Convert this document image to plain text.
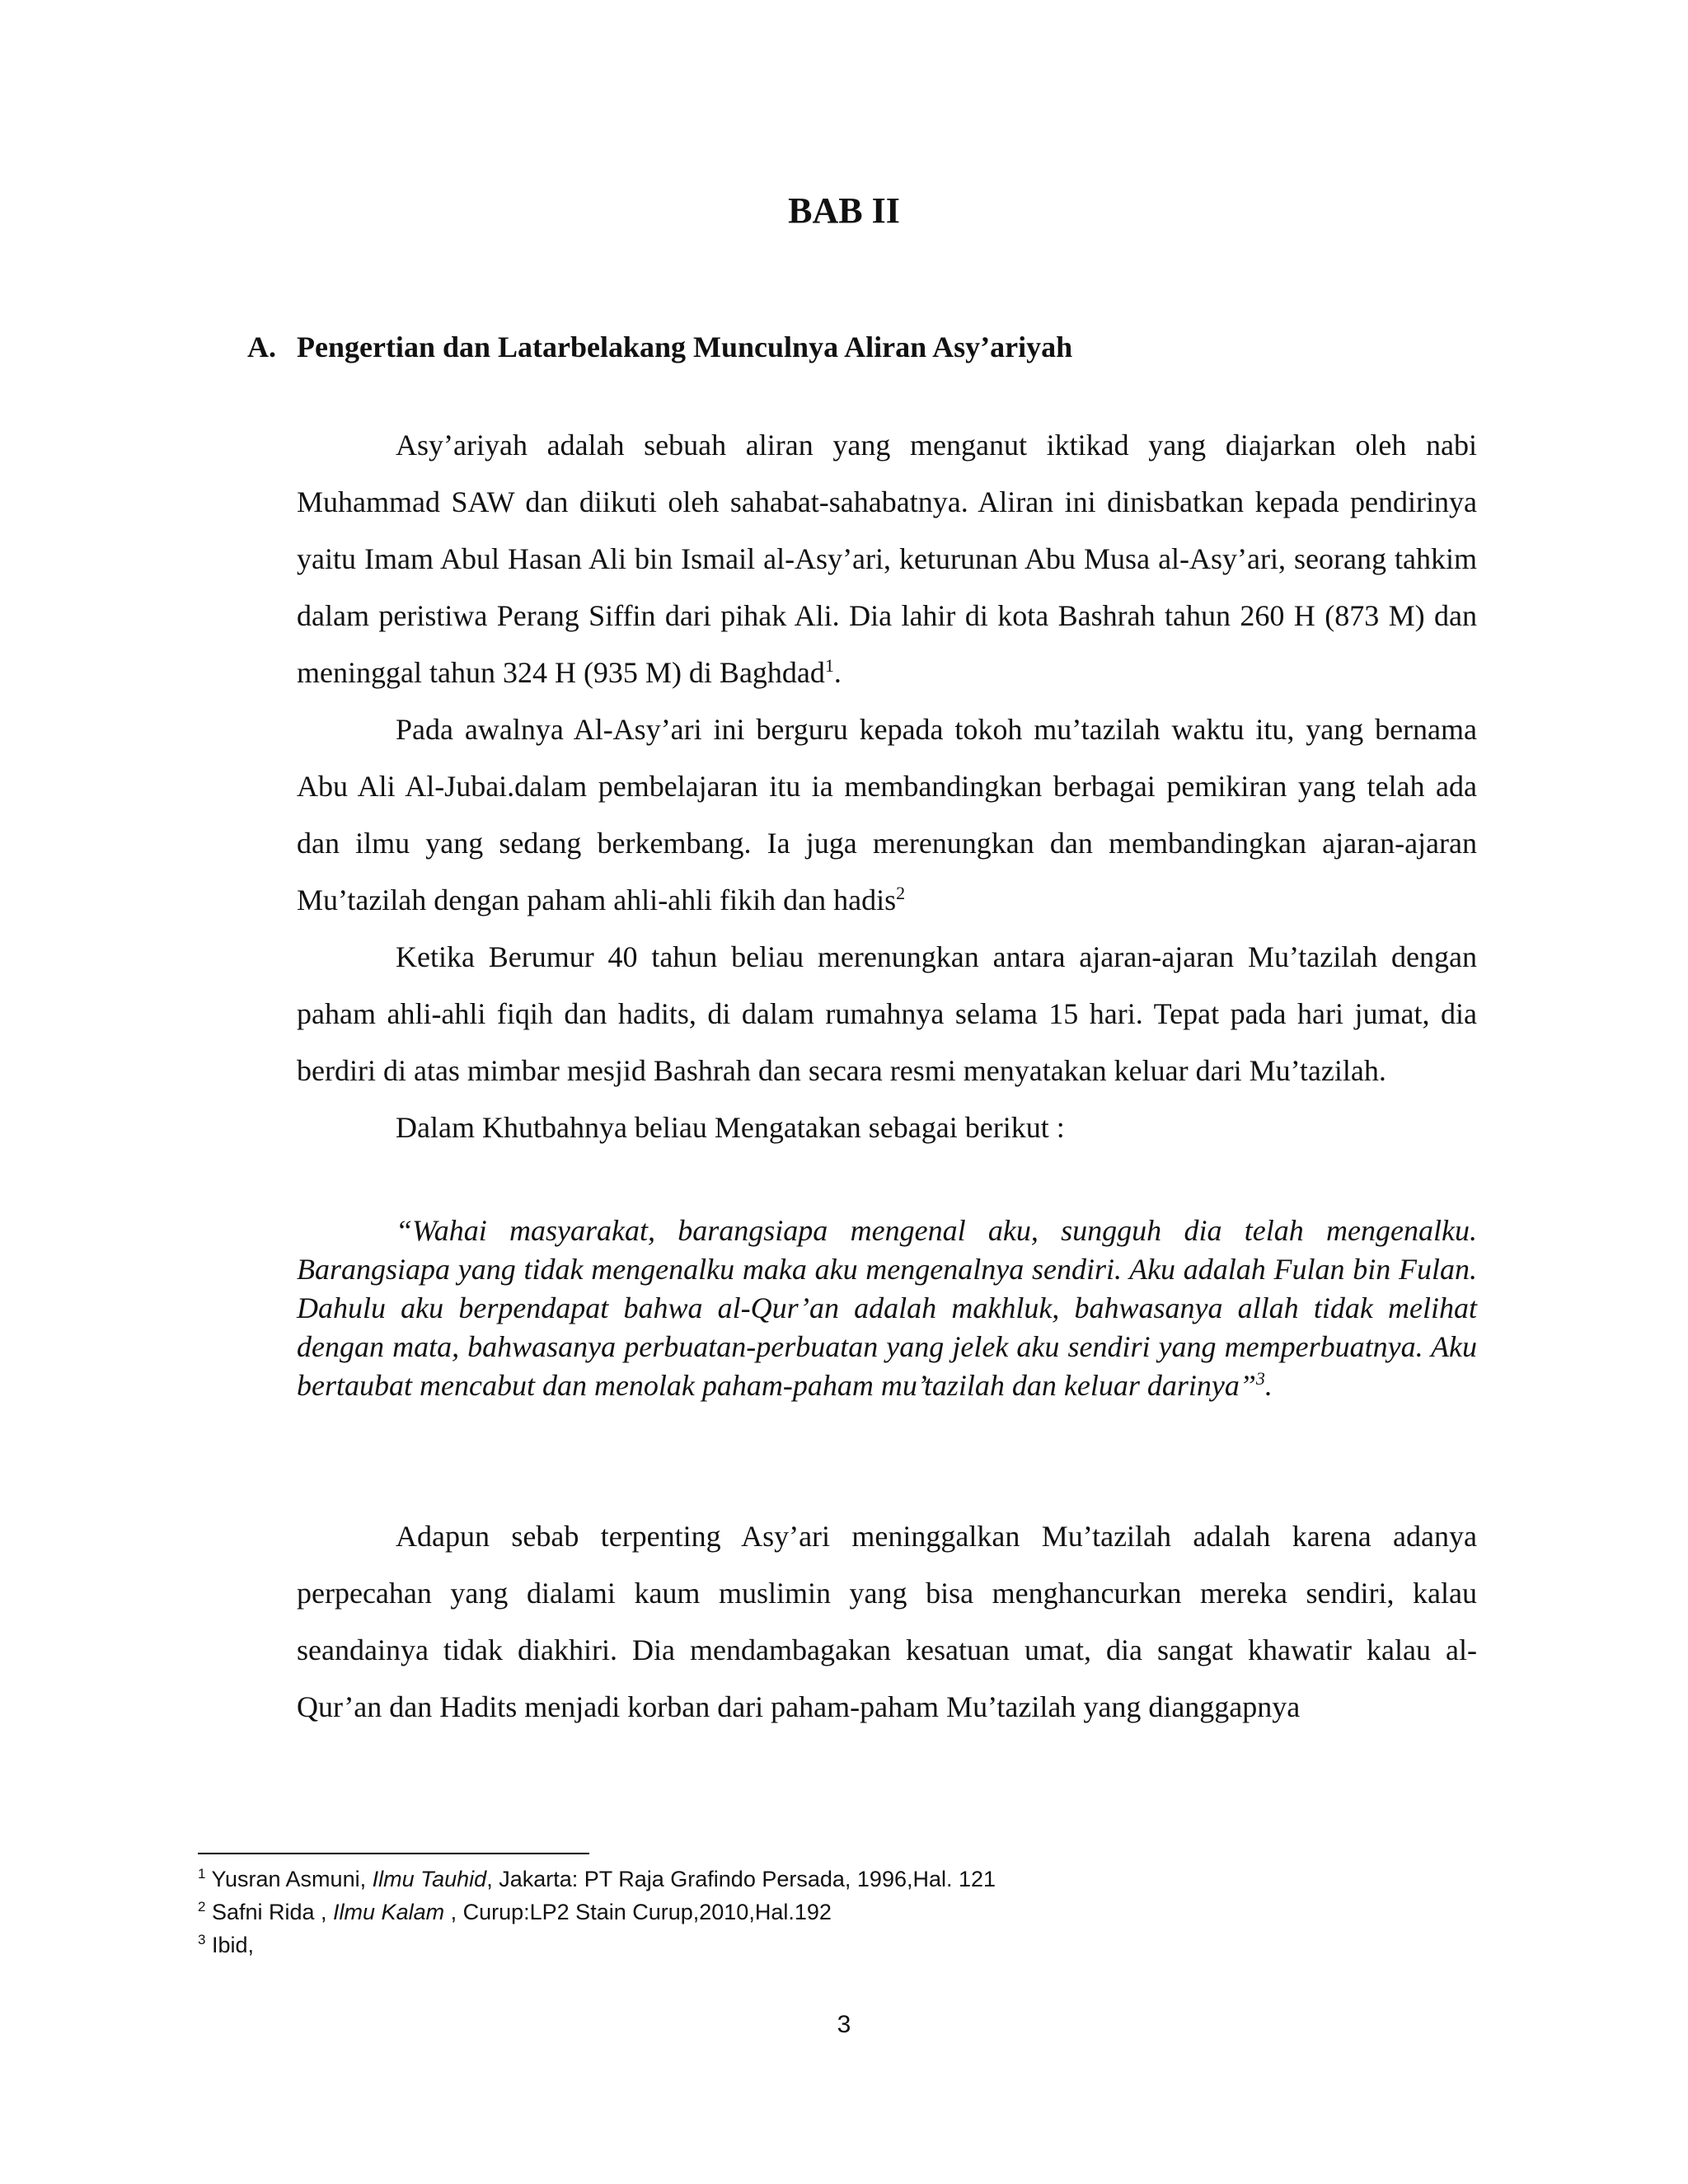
BAB II
A. Pengertian dan Latarbelakang Munculnya Aliran Asy’ariyah

Asy’ariyah adalah sebuah aliran yang menganut iktikad yang diajarkan oleh nabi Muhammad SAW dan diikuti oleh sahabat-sahabatnya. Aliran ini dinisbatkan kepada pendirinya yaitu Imam Abul Hasan Ali bin Ismail al-Asy’ari, keturunan Abu Musa al-Asy’ari, seorang tahkim dalam peristiwa Perang Siffin dari pihak Ali. Dia lahir di kota Bashrah tahun 260 H (873 M) dan meninggal tahun 324 H (935 M) di Baghdad$^1$.

Pada awalnya Al-Asy’ari ini berguru kepada tokoh mu’tazilah waktu itu, yang bernama Abu Ali Al-Jubai.dalam pembelajaran itu ia membandingkan berbagai pemikiran yang telah ada dan ilmu yang sedang berkembang. Ia juga merenungkan dan membandingkan ajaran-ajaran Mu’tazilah dengan paham ahli-ahli fikih dan hadis$^2$

Ketika Berumur 40 tahun beliau merenungkan antara ajaran-ajaran Mu’tazilah dengan paham ahli-ahli fiqih dan hadits, di dalam rumahnya selama 15 hari. Tepat pada hari jumat, dia berdiri di atas mimbar mesjid Bashrah dan secara resmi menyatakan keluar dari Mu’tazilah.

Dalam Khutbahnya beliau Mengatakan sebagai berikut :

“Wahai masyarakat, barangsiapa mengenal aku, sungguh dia telah mengenalku. Barangsiapa yang tidak mengenalku maka aku mengenalnya sendiri. Aku adalah Fulan bin Fulan. Dahulu aku berpendapat bahwa al-Qur’an adalah makhluk, bahwasanya allah tidak melihat dengan mata, bahwasanya perbuatan-perbuatan yang jelek aku sendiri yang memperbuatnya. Aku bertaubat mencabut dan menolak paham-paham mu’tazilah dan keluar darinya”$^3$.

Adapun sebab terpenting Asy’ari meninggalkan Mu’tazilah adalah karena adanya perpecahan yang dialami kaum muslimin yang bisa menghancurkan mereka sendiri, kalau seandainya tidak diakhiri. Dia mendambagakan kesatuan umat, dia sangat khawatir kalau al-Qur’an dan Hadits menjadi korban dari paham-paham Mu’tazilah yang dianggapnya

$^1$ Yusran Asmuni, Ilmu Tauhid, Jakarta: PT Raja Grafindo Persada, 1996,Hal. 121

$^2$ Safni Rida , Ilmu Kalam , Curup:LP2 Stain Curup,2010,Hal.192

$^3$ Ibid,

3
